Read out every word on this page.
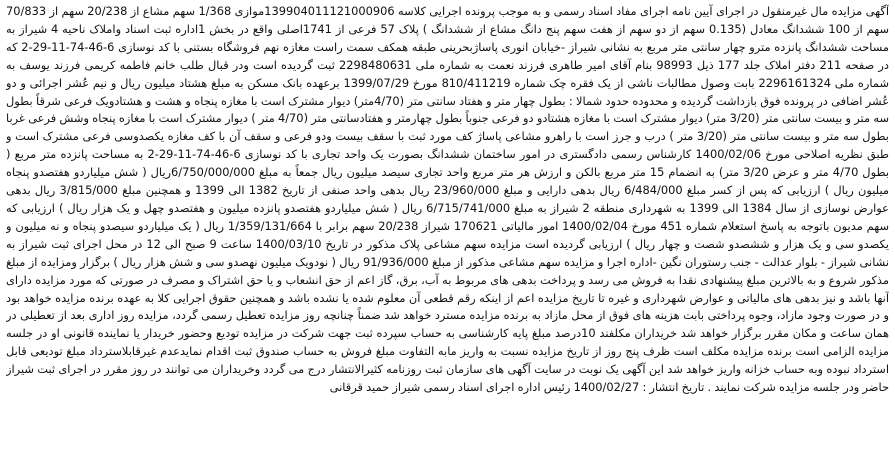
آگهی مزایده مال غیرمنقول در اجرای آیین نامه اجرای مفاد اسناد رسمی و به موجب پرونده اجرایی کلاسه 139904011121000906موازی 1/368 سهم مشاع از 20/238 سهم از 70/833 سهم از 100 ششدانگ معادل (0.135 سهم از دو سهم از هفت سهم پنج دانگ مشاع از ششدانگ ) پلاک 57 فرعی از 1741اصلی واقع در بخش 1اداره ثبت اسناد واملاک ناحیه 4 شیراز به مساحت ششدانگ پانزده مترو چهار سانتی متر مربع به نشانی شیراز -خیابان انوری پاساژبحرینی طبقه همکف سمت راست مغازه نهم فروشگاه بستنی با کد نوسازی 6-46-74-11-29-2 که در صفحه 211 دفتر املاک جلد 177 ذیل 98993 بنام آقای امیر طاهری فرزند نعمت به شماره ملی 2298480631 ثبت گردیده است ودر قبال طلب خانم فاطمه کریمی فرزند یوسف به شماره ملی 2296161324 بابت وصول مطالبات ناشی از یک فقره چک شماره 810/411219 مورخ 1399/07/29 برعهده بانک مسکن به مبلغ هشتاد میلیون ریال و نیم عُشر اجرائی و دو عُشر اضافی در پرونده فوق بازداشت گردیده و محدوده حدود شمالا : بطول چهار متر و هفتاد سانتی متر (4/70متر) دیوار مشترک است با مغازه پنجاه و هشت و هشتادویک فرعی شرقاً بطول سه متر و بیست سانتی متر (3/20 متر) دیوار مشترک است با مغازه هشتادو دو فرعی جنوباً بطول چهارمتر و هفتادسانتی متر (4/70 متر ) دیوار مشترک است با مغازه پنجاه وشش فرعی غربا بطول سه متر و بیست سانتی متر (3/20 متر ) درب و جرز است با راهرو مشاعی پاساژ کف مورد ثبت با سقف بیست ودو فرعی و سقف آن با کف مغازه یکصدوسی فرعی مشترک است و طبق نظریه اصلاحی مورخ 1400/02/06 کارشناس رسمی دادگستری در امور ساختمان ششدانگ بصورت یک واحد تجاری با کد نوسازی 6-46-74-11-29-2 به مساحت پانزده متر مربع ( بطول 4/70 متر و عرض 3/20 متر) به انضمام 15 متر مربع بالکن و ارزش هر متر مربع واحد تجاری سیصد میلیون ریال جمعاً به مبلغ 6/750/000/000ریال ( شش میلیاردو هفتصدو پنجاه میلیون ریال ) ارزیابی که پس از کسر مبلغ 6/484/000 ریال بدهی دارایی و مبلغ 23/960/000 ریال بدهی واحد صنفی از تاریخ 1382 الی 1399 و همچنین مبلغ 3/815/000 ریال بدهی عوارض نوسازی از سال 1384 الی 1399 به شهرداری منطقه 2 شیراز به مبلغ 6/715/741/000 ریال ( شش میلیاردو هفتصدو پانزده میلیون و هفتصدو چهل و یک هزار ریال ) ارزیابی که سهم مدیون باتوجه به پاسخ استعلام شماره 451 مورخ 1400/02/04 امور مالیاتی 170621 شیراز 20/238 سهم برابر با 1/359/131/664 ریال ( یک میلیاردو سیصدو پنجاه و نه میلیون و یکصدو سی و یک هزار و ششصدو شصت و چهار ریال ) ارزیابی گردیده است مزایده سهم مشاعی پلاک مذکور در تاریخ 1400/03/10 ساعت 9 صبح الی 12 در محل اجرای ثبت شیراز به نشانی شیراز - بلوار عدالت - جنب رستوران نگین -اداره اجرا و مزایده سهم مشاعی مذکور از مبلغ 91/936/000 ریال ( نودویک میلیون نهصدو سی و شش هزار ریال ) برگزار ومزایده از مبلغ مذکور شروع و به بالاترین مبلغ پیشنهادی نقدا به فروش می رسد و پرداخت بدهی های مربوط به آب، برق، گاز اعم از حق انشعاب و یا حق اشتراک و مصرف در صورتی که مورد مزایده دارای آنها باشد و نیز بدهی های مالیاتی و عوارض شهرداری و غیره تا تاریخ مزایده اعم از اینکه رقم قطعی آن معلوم شده یا نشده باشد و همچنین حقوق اجرایی کلا به عهده برنده مزایده خواهد بود و در صورت وجود مازاد، وجوه پرداختی بابت هزینه های فوق از محل مازاد به برنده مزایده مسترد خواهد شد ضمناً چنانچه روز مزایده تعطیل رسمی گردد، مزایده روز اداری بعد از تعطیلی در همان ساعت و مکان مقرر برگزار خواهد شد خریداران مکلفند 10درصد مبلغ پایه کارشناسی به حساب سپرده ثبت جهت شرکت در مزایده تودیع وحضور خریدار یا نماینده قانونی او در جلسه مزایده الزامی است برنده مزایده مکلف است ظرف پنج روز از تاریخ مزایده نسبت به واریز مابه التفاوت مبلغ فروش به حساب صندوق ثبت اقدام نمایدعدم غیرقابلاسترداد مبلغ تودیعی قابل استرداد نبوده وبه حساب خزانه واریز خواهد شد این آگهی یک نوبت در سایت آگهی های سازمان ثبت روزنامه کثیرالانتشار درج می گردد وخریداران می توانند در روز مقرر در اجرای ثبت شیراز حاضر ودر جلسه مزایده شرکت نمایند . تاریخ انتشار : 1400/02/27 رئیس اداره اجرای اسناد رسمی شیراز حمید قرقانی
